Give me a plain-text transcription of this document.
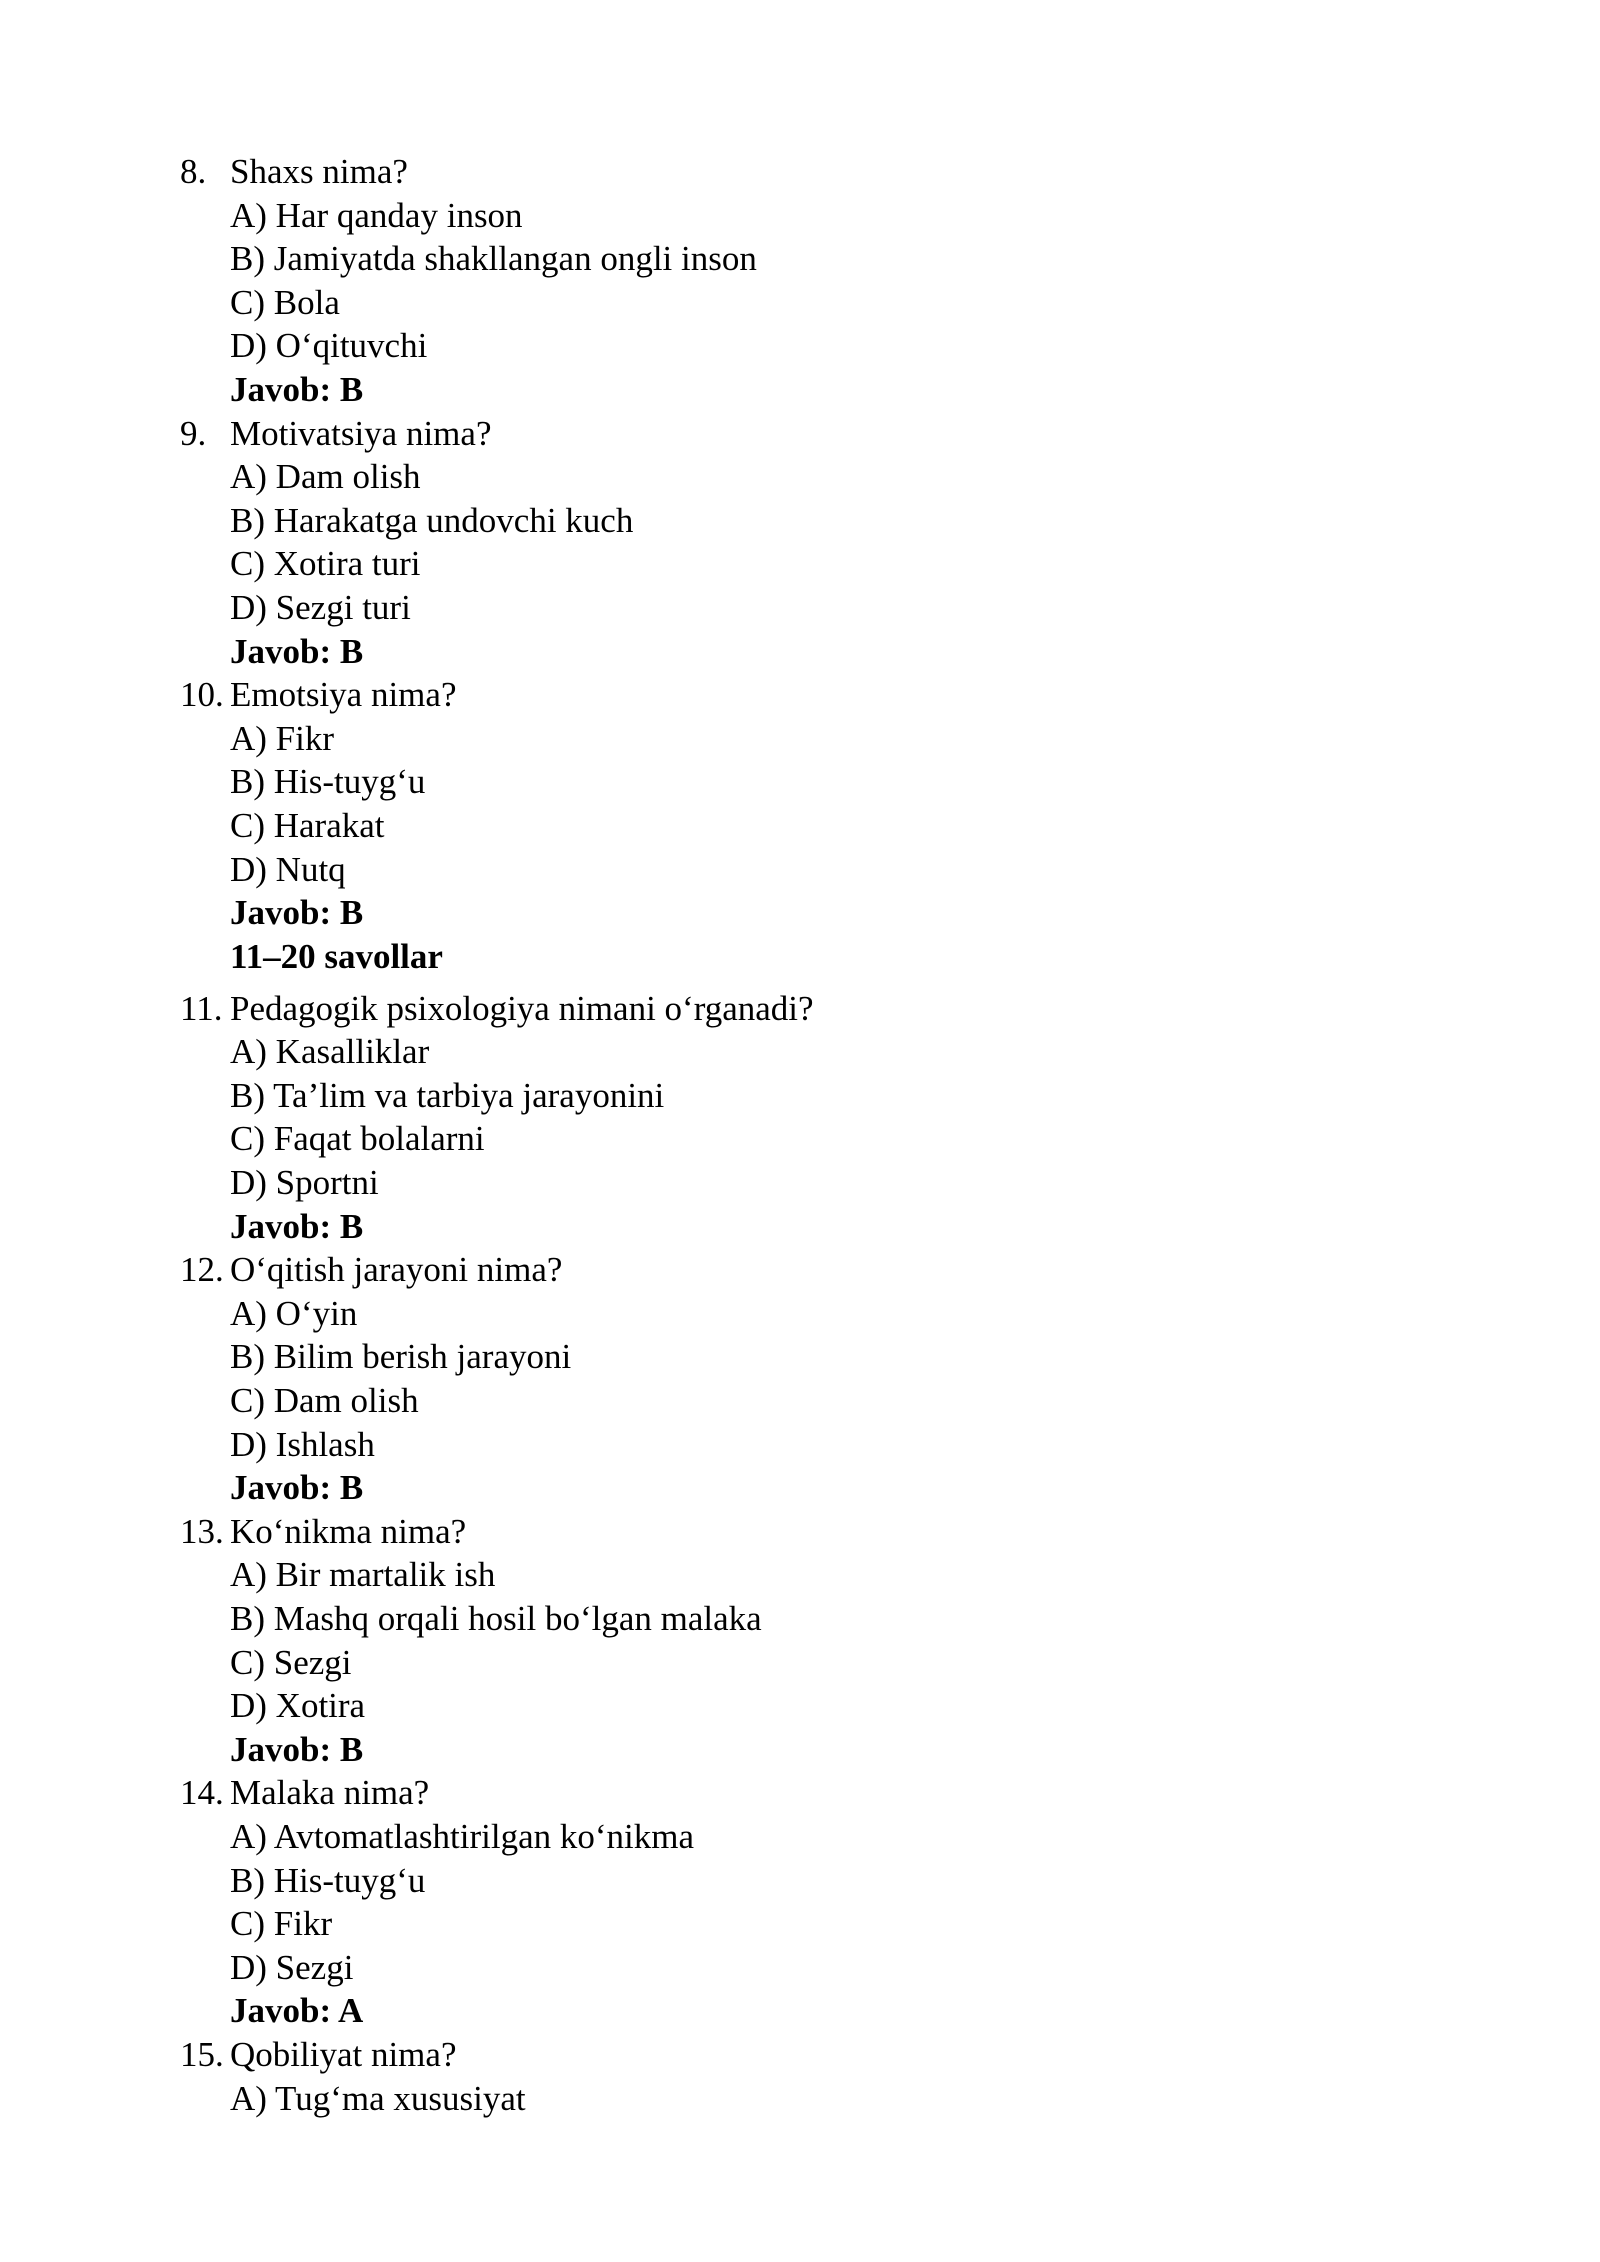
8. Shaxs nima?
A) Har qanday inson
B) Jamiyatda shakllangan ongli inson
C) Bola
D) O‘qituvchi
Javob: B
9. Motivatsiya nima?
A) Dam olish
B) Harakatga undovchi kuch
C) Xotira turi
D) Sezgi turi
Javob: B
10. Emotsiya nima?
A) Fikr
B) His-tuyg‘u
C) Harakat
D) Nutq
Javob: B
11–20 savollar
11. Pedagogik psixologiya nimani o‘rganadi?
A) Kasalliklar
B) Ta’lim va tarbiya jarayonini
C) Faqat bolalarni
D) Sportni
Javob: B
12. O‘qitish jarayoni nima?
A) O‘yin
B) Bilim berish jarayoni
C) Dam olish
D) Ishlash
Javob: B
13. Ko‘nikma nima?
A) Bir martalik ish
B) Mashq orqali hosil bo‘lgan malaka
C) Sezgi
D) Xotira
Javob: B
14. Malaka nima?
A) Avtomatlashtirilgan ko‘nikma
B) His-tuyg‘u
C) Fikr
D) Sezgi
Javob: A
15. Qobiliyat nima?
A) Tug‘ma xususiyat
